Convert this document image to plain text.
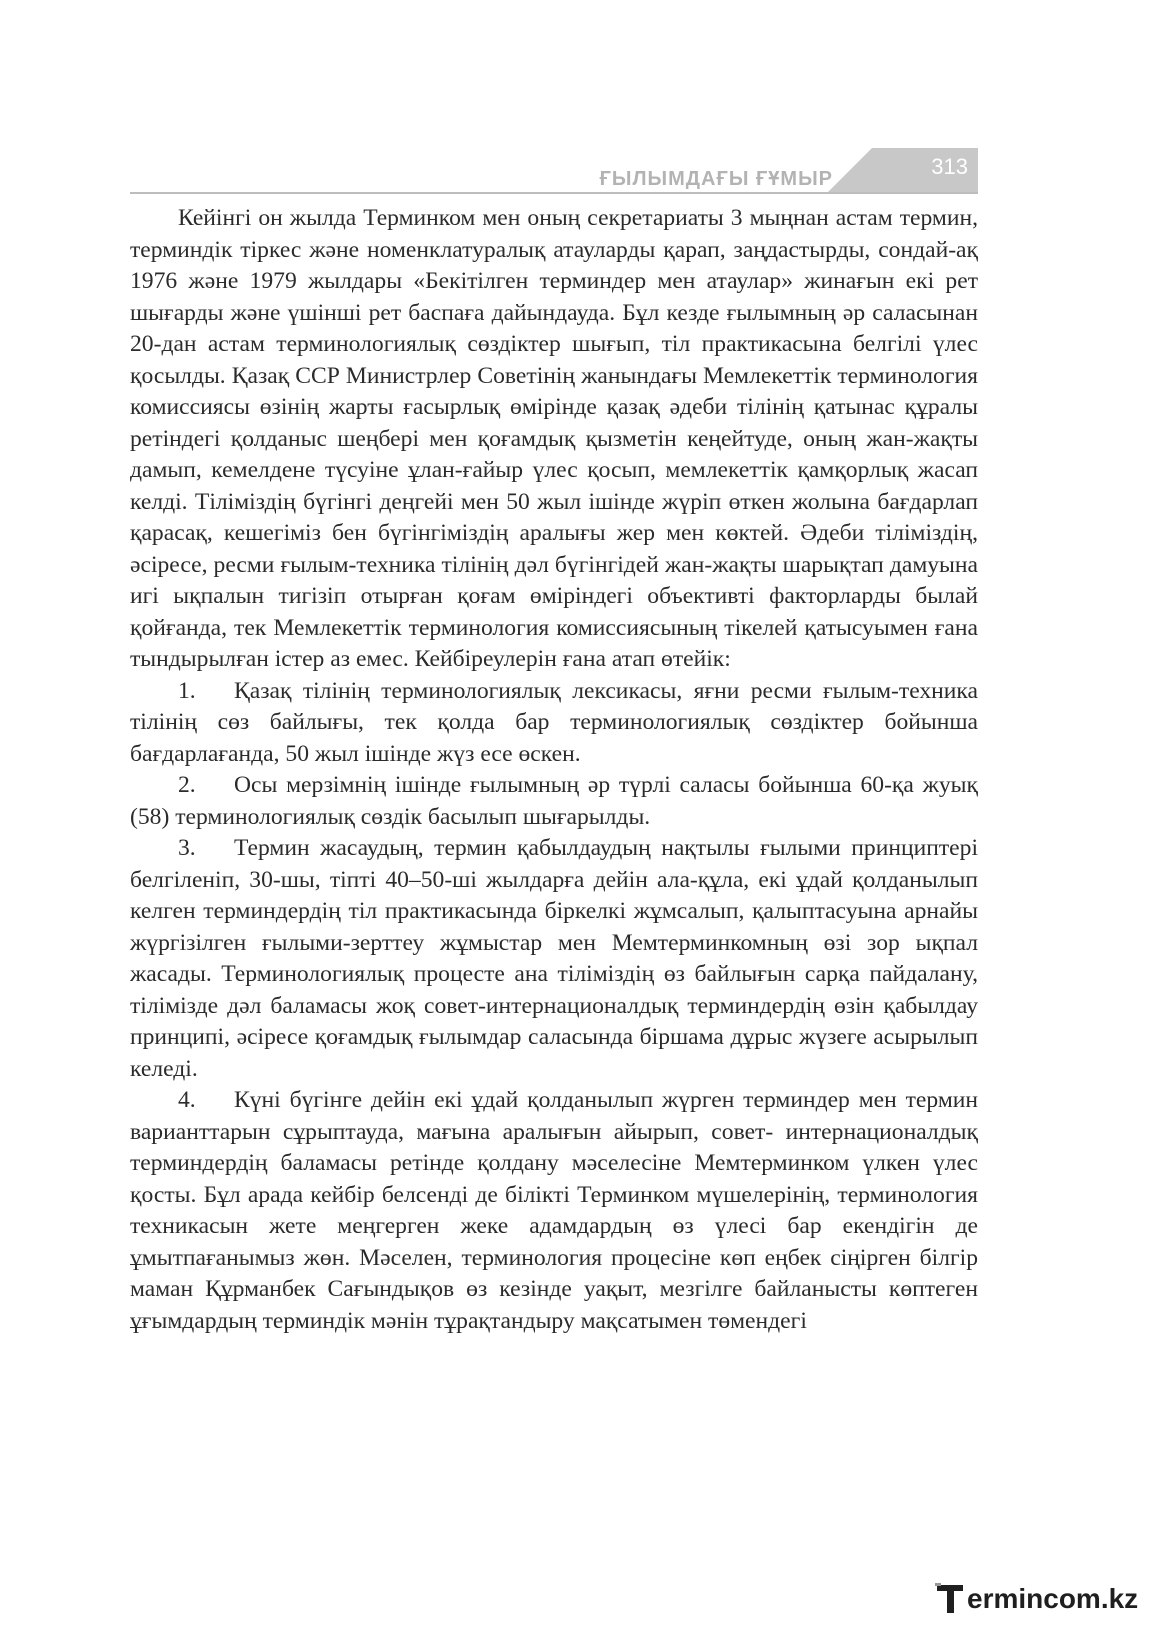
ҒЫЛЫМДАҒЫ ҒҰМЫР	313

Кейінгі он жылда Терминком мен оның секретариаты 3 мыңнан астам термин, терминдік тіркес және номенклатуралық атауларды қарап, заңдастырды, сондай-ақ 1976 және 1979 жылдары «Бекітілген терминдер мен атаулар» жинағын екі рет шығарды және үшінші рет баспаға дайындауда. Бұл кезде ғылымның әр саласынан 20-дан астам терминологиялық сөздіктер шығып, тіл практикасына белгілі үлес қосылды. Қазақ ССР Министрлер Советінің жанындағы Мемлекеттік терминология комиссиясы өзінің жарты ғасырлық өмірінде қазақ әдеби тілінің қатынас құралы ретіндегі қолданыс шеңбері мен қоғамдық қызметін кеңейтуде, оның жан-жақты дамып, кемелдене түсуіне ұлан-ғайыр үлес қосып, мемлекеттік қамқорлық жасап келді. Тіліміздің бүгінгі деңгейі мен 50 жыл ішінде жүріп өткен жолына бағдарлап қарасақ, кешегіміз бен бүгінгіміздің аралығы жер мен көктей. Әдеби тіліміздің, әсіресе, ресми ғылым-техника тілінің дәл бүгінгідей жан-жақты шарықтап дамуына игі ықпалын тигізіп отырған қоғам өміріндегі объективті факторларды былай қойғанда, тек Мемлекеттік терминология комиссиясының тікелей қатысуымен ғана тындырылған істер аз емес. Кейбіреулерін ғана атап өтейік:

1. Қазақ тілінің терминологиялық лексикасы, яғни ресми ғылым-техника тілінің сөз байлығы, тек қолда бар терминологиялық сөздіктер бойынша бағдарлағанда, 50 жыл ішінде жүз есе өскен.

2. Осы мерзімнің ішінде ғылымның әр түрлі саласы бойынша 60-қа жуық (58) терминологиялық сөздік басылып шығарылды.

3. Термин жасаудың, термин қабылдаудың нақтылы ғылыми принциптері белгіленіп, 30-шы, тіпті 40–50-ші жылдарға дейін ала-құла, екі ұдай қолданылып келген терминдердің тіл практикасында біркелкі жұмсалып, қалыптасуына арнайы жүргізілген ғылыми-зерттеу жұмыстар мен Мемтерминкомның өзі зор ықпал жасады. Терминологиялық процесте ана тіліміздің өз байлығын сарқа пайдалану, тілімізде дәл баламасы жоқ совет-интернационалдық терминдердің өзін қабылдау принципі, әсіресе қоғамдық ғылымдар саласында біршама дұрыс жүзеге асырылып келеді.

4. Күні бүгінге дейін екі ұдай қолданылып жүрген терминдер мен термин варианттарын сұрыптауда, мағына аралығын айырып, совет- интернационалдық терминдердің баламасы ретінде қолдану мәселесіне Мемтерминком үлкен үлес қосты. Бұл арада кейбір белсенді де білікті Терминком мүшелерінің, терминология техникасын жете меңгерген жеке адамдардың өз үлесі бар екендігін де ұмытпағанымыз жөн. Мәселен, терминология процесіне көп еңбек сіңірген білгір маман Құрманбек Сағындықов өз кезінде уақыт, мезгілге байланысты көптеген ұғымдардың терминдік мәнін тұрақтандыру мақсатымен төмендегі

ermincom.kz
